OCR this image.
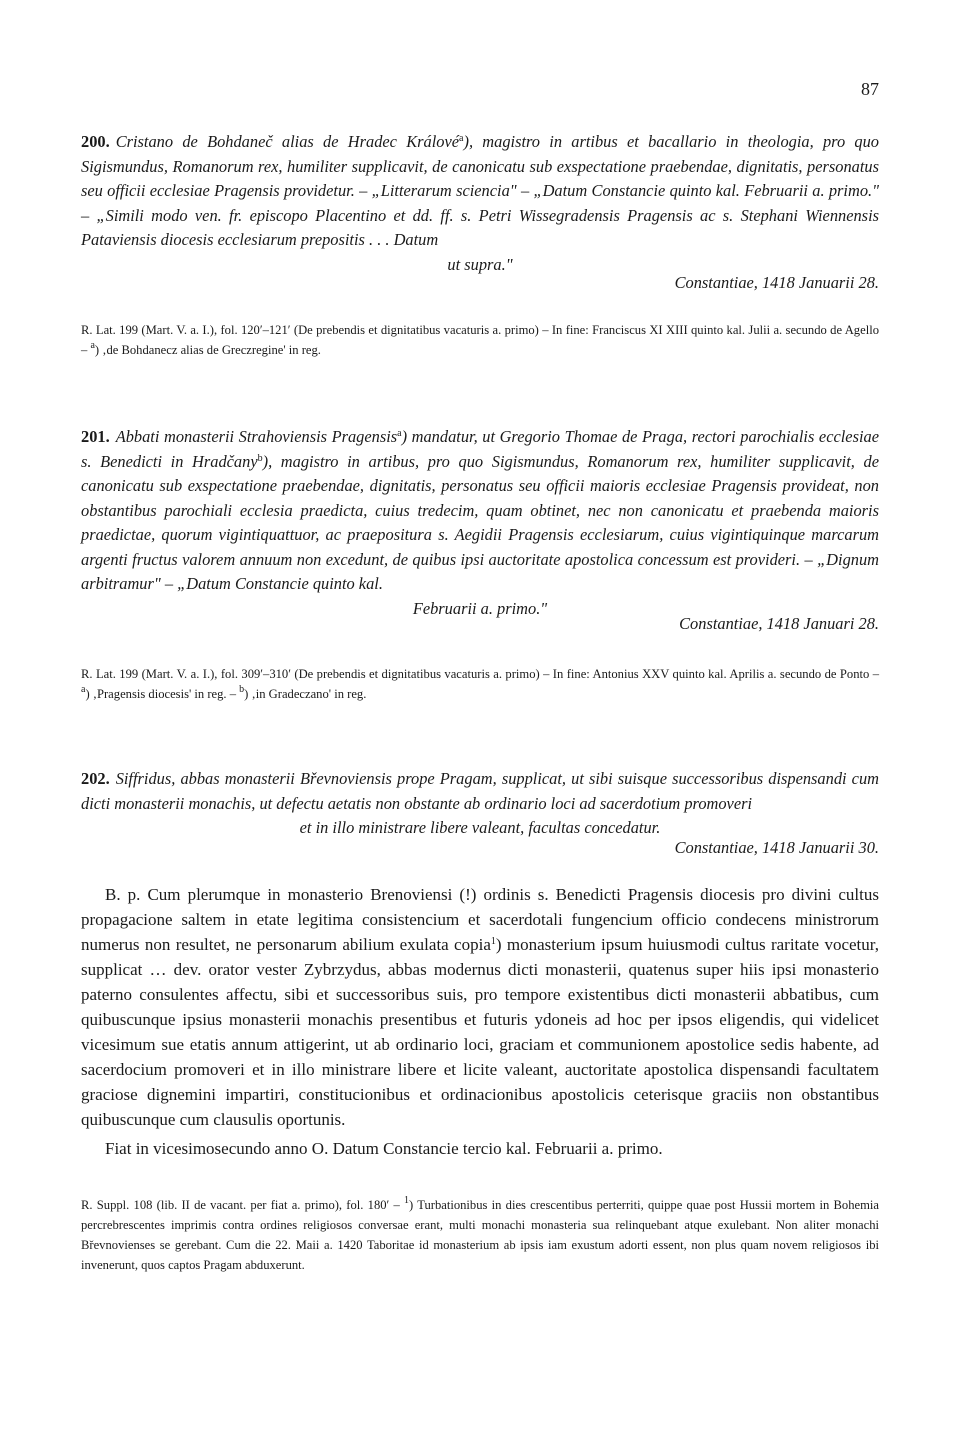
87

200. Cristano de Bohdaneč alias de Hradec Králové$^a$), magistro in artibus et bacallario in theologia, pro quo Sigismundus, Romanorum rex, humiliter supplicavit, de canonicatu sub exspectatione praebendae, dignitatis, personatus seu officii ecclesiae Pragensis providetur. – „Litterarum sciencia" – „Datum Constancie quinto kal. Februarii a. primo." – „Simili modo ven. fr. episcopo Placentino et dd. ff. s. Petri Wissegradensis Pragensis ac s. Stephani Wiennensis Pataviensis diocesis ecclesiarum prepositis . . . Datum
ut supra."

Constantiae, 1418 Januarii 28.

R. Lat. 199 (Mart. V. a. I.), fol. 120′–121′ (De prebendis et dignitatibus vacaturis a. primo) – In fine: Franciscus XI XIII quinto kal. Julii a. secundo de Agello – $^a$) ‚de Bohdanecz alias de Greczregine' in reg.

201. Abbati monasterii Strahoviensis Pragensis$^a$) mandatur, ut Gregorio Thomae de Praga, rectori parochialis ecclesiae s. Benedicti in Hradčany$^b$), magistro in artibus, pro quo Sigismundus, Romanorum rex, humiliter supplicavit, de canonicatu sub exspectatione praebendae, dignitatis, personatus seu officii maioris ecclesiae Pragensis provideat, non obstantibus parochiali ecclesia praedicta, cuius tredecim, quam obtinet, nec non canonicatu et praebenda maioris praedictae, quorum vigintiquattuor, ac praepositura s. Aegidii Pragensis ecclesiarum, cuius vigintiquinque marcarum argenti fructus valorem annuum non excedunt, de quibus ipsi auctoritate apostolica concessum est provideri. – „Dignum arbitramur" – „Datum Constancie quinto kal.
Februarii a. primo."

Constantiae, 1418 Januari 28.

R. Lat. 199 (Mart. V. a. I.), fol. 309′–310′ (De prebendis et dignitatibus vacaturis a. primo) – In fine: Antonius XXV quinto kal. Aprilis a. secundo de Ponto – $^a$) ‚Pragensis diocesis' in reg. – $^b$) ‚in Gradeczano' in reg.

202. Siffridus, abbas monasterii Břevnoviensis prope Pragam, supplicat, ut sibi suisque successoribus dispensandi cum dicti monasterii monachis, ut defectu aetatis non obstante ab ordinario loci ad sacerdotium promoveri
et in illo ministrare libere valeant, facultas concedatur.

Constantiae, 1418 Januarii 30.

B. p. Cum plerumque in monasterio Brenoviensi (!) ordinis s. Benedicti Pragensis diocesis pro divini cultus propagacione saltem in etate legitima consistencium et sacerdotali fungencium officio condecens ministrorum numerus non resultet, ne personarum abilium exulata copia$^1$) monasterium ipsum huiusmodi cultus raritate vocetur, supplicat … dev. orator vester Zybrzydus, abbas modernus dicti monasterii, quatenus super hiis ipsi monasterio paterno consulentes affectu, sibi et successoribus suis, pro tempore existentibus dicti monasterii abbatibus, cum quibuscunque ipsius monasterii monachis presentibus et futuris ydoneis ad hoc per ipsos eligendis, qui videlicet vicesimum sue etatis annum attigerint, ut ab ordinario loci, graciam et communionem apostolice sedis habente, ad sacerdocium promoveri et in illo ministrare libere et licite valeant, auctoritate apostolica dispensandi facultatem graciose dignemini impartiri, constitucionibus et ordinacionibus apostolicis ceterisque graciis non obstantibus quibuscunque cum clausulis oportunis.

Fiat in vicesimosecundo anno O. Datum Constancie tercio kal. Februarii a. primo.

R. Suppl. 108 (lib. II de vacant. per fiat a. primo), fol. 180′ – $^1$) Turbationibus in dies crescentibus perterriti, quippe quae post Hussii mortem in Bohemia percrebrescentes imprimis contra ordines religiosos conversae erant, multi monachi monasteria sua relinquebant atque exulebant. Non aliter monachi Břevnovienses se gerebant. Cum die 22. Maii a. 1420 Taboritae id monasterium ab ipsis iam exustum adorti essent, non plus quam novem religiosos ibi invenerunt, quos captos Pragam abduxerunt.
